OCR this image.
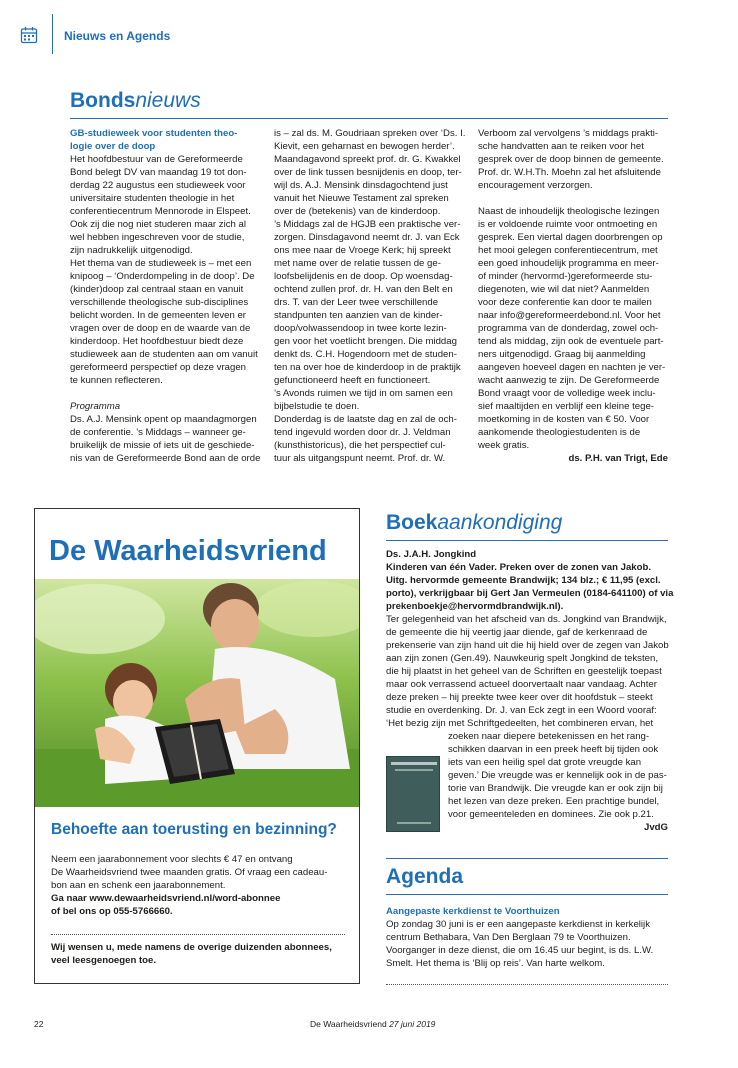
Nieuws en Agends
Bondsnieuws

GB-studieweek voor studenten theo-

logie over de doop

Het hoofdbestuur van de Gereformeerde

Bond belegt DV van maandag 19 tot don-

derdag 22 augustus een studieweek voor

universitaire studenten theologie in het

conferentiecentrum Mennorode in Elspeet.

Ook zij die nog niet studeren maar zich al

wel hebben ingeschreven voor de studie,

zijn nadrukkelijk uitgenodigd.

Het thema van de studieweek is – met een

knipoog – ‘Onderdompeling in de doop’. De

(kinder)doop zal centraal staan en vanuit

verschillende theologische sub-disciplines

belicht worden. In de gemeenten leven er

vragen over de doop en de waarde van de

kinderdoop. Het hoofdbestuur biedt deze

studieweek aan de studenten aan om vanuit

gereformeerd perspectief op deze vragen

te kunnen reflecteren.

Programma

Ds. A.J. Mensink opent op maandagmorgen

de conferentie. ’s Middags – wanneer ge-

bruikelijk de missie of iets uit de geschiede-

nis van de Gereformeerde Bond aan de orde

is – zal ds. M. Goudriaan spreken over ‘Ds. I.

Kievit, een geharnast en bewogen herder’.

Maandagavond spreekt prof. dr. G. Kwakkel

over de link tussen besnijdenis en doop, ter-

wijl ds. A.J. Mensink dinsdagochtend just

vanuit het Nieuwe Testament zal spreken

over de (betekenis) van de kinderdoop.

’s Middags zal de HGJB een praktische ver-

zorgen. Dinsdagavond neemt dr. J. van Eck

ons mee naar de Vroege Kerk; hij spreekt

met name over de relatie tussen de ge-

loofsbelijdenis en de doop. Op woensdag-

ochtend zullen prof. dr. H. van den Belt en

drs. T. van der Leer twee verschillende

standpunten ten aanzien van de kinder-

doop/volwassendoop in twee korte lezin-

gen voor het voetlicht brengen. Die middag

denkt ds. C.H. Hogendoorn met de studen-

ten na over hoe de kinderdoop in de praktijk

gefunctioneerd heeft en functioneert.

’s Avonds ruimen we tijd in om samen een

bijbelstudie te doen.

Donderdag is de laatste dag en zal de och-

tend ingevuld worden door dr. J. Veldman

(kunsthistoricus), die het perspectief cul-

tuur als uitgangspunt neemt. Prof. dr. W.

Verboom zal vervolgens ’s middags prakti-

sche handvatten aan te reiken voor het

gesprek over de doop binnen de gemeente.

Prof. dr. W.H.Th. Moehn zal het afsluitende

encouragement verzorgen.

Naast de inhoudelijk theologische lezingen

is er voldoende ruimte voor ontmoeting en

gesprek. Een viertal dagen doorbrengen op

het mooi gelegen conferentiecentrum, met

een goed inhoudelijk programma en meer-

of minder (hervormd-)gereformeerde stu-

diegenoten, wie wil dat niet? Aanmelden

voor deze conferentie kan door te mailen

naar info@gereformeerdebond.nl. Voor het

programma van de donderdag, zowel och-

tend als middag, zijn ook de eventuele part-

ners uitgenodigd. Graag bij aanmelding

aangeven hoeveel dagen en nachten je ver-

wacht aanwezig te zijn. De Gereformeerde

Bond vraagt voor de volledige week inclu-

sief maaltijden en verblijf een kleine tege-

moetkoming in de kosten van € 50. Voor

aankomende theologiestudenten is de

week gratis.

ds. P.H. van Trigt, Ede

De Waarheidsvriend
Behoefte aan toerusting en bezinning?

Neem een jaarabonnement voor slechts € 47 en ontvang

De Waarheidsvriend twee maanden gratis. Of vraag een cadeau-

bon aan en schenk een jaarabonnement.

Ga naar www.dewaarheidsvriend.nl/word-abonnee

of bel ons op 055-5766660.

Wij wensen u, mede namens de overige duizenden abonnees,

veel leesgenoegen toe.

Boekaankondiging

Ds. J.A.H. Jongkind

Kinderen van één Vader. Preken over de zonen van Jakob.

Uitg. hervormde gemeente Brandwijk; 134 blz.; € 11,95 (excl.

porto), verkrijgbaar bij Gert Jan Vermeulen (0184-641100) of via

prekenboekje@hervormdbrandwijk.nl).

Ter gelegenheid van het afscheid van ds. Jongkind van Brandwijk,

de gemeente die hij veertig jaar diende, gaf de kerkenraad de

prekenserie van zijn hand uit die hij hield over de zegen van Jakob

aan zijn zonen (Gen.49). Nauwkeurig spelt Jongkind de teksten,

die hij plaatst in het geheel van de Schriften en geestelijk toepast

maar ook verrassend actueel doorvertaalt naar vandaag. Achter

deze preken – hij preekte twee keer over dit hoofdstuk – steekt

studie en overdenking. Dr. J. van Eck zegt in een Woord vooraf:

‘Het bezig zijn met Schriftgedeelten, het combineren ervan, het

zoeken naar diepere betekenissen en het rang-

schikken daarvan in een preek heeft bij tijden ook

iets van een heilig spel dat grote vreugde kan

geven.’ Die vreugde was er kennelijk ook in de pas-

torie van Brandwijk. Die vreugde kan er ook zijn bij

het lezen van deze preken. Een prachtige bundel,

voor gemeenteleden en dominees. Zie ook p.21.

JvdG

Agenda

Aangepaste kerkdienst te Voorthuizen

Op zondag 30 juni is er een aangepaste kerkdienst in kerkelijk

centrum Bethabara, Van Den Berglaan 79 te Voorthuizen.

Voorganger in deze dienst, die om 16.45 uur begint, is ds. L.W.

Smelt. Het thema is ‘Blij op reis’. Van harte welkom.

22	De Waarheidsvriend 27 juni 2019
